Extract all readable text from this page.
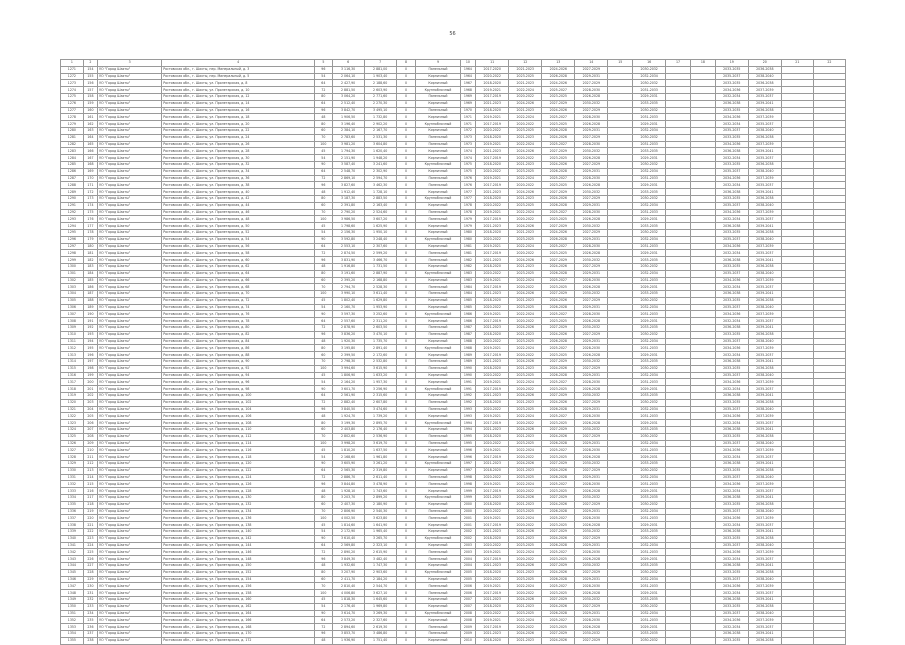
56
1	2	3	4	5	6	7	8	9	10	11	12	13	14	15	16	17	18	19	20	21	22
1271	154	УО "Город Шахты"	Ростовская обл., г. Шахты, пер. Минеральный, д. 3	96	3 116,30	2 881,00	0	Панельный	1964	2017-2020	2021-2023	2024-2026	2027-2029		2030-2032			2033-2035	2036-2038		
1272	155	УО "Город Шахты"	Ростовская обл., г. Шахты, пер. Минеральный, д. 5	54	2 064,10	1 903,40	0	Кирпичный	1964	2020-2022	2023-2025	2026-2028	2029-2031		2032-2034			2035-2037	2038-2040		
1273	156	УО "Город Шахты"	Ростовская обл., г. Шахты, ул. Пролетарская, д. 8	64	2 427,90	2 188,60	0	Кирпичный	1967	2018-2020	2021-2023	2024-2026	2027-2029		2030-2032			2033-2035	2036-2038		
1274	157	УО "Город Шахты"	Ростовская обл., г. Шахты, ул. Пролетарская, д. 10	72	2 881,50	2 603,90	0	Крупноблочный	1968	2019-2021	2022-2024	2025-2027	2028-2030		2031-2033			2034-2036	2037-2039		
1275	158	УО "Город Шахты"	Ростовская обл., г. Шахты, ул. Пролетарская, д. 12	80	3 064,20	2 771,60	0	Панельный	1969	2017-2019	2020-2022	2023-2025	2026-2028		2029-2031			2032-2034	2035-2037		
1276	159	УО "Город Шахты"	Ростовская обл., г. Шахты, ул. Пролетарская, д. 14	64	2 512,40	2 270,30	0	Кирпичный	1969	2021-2023	2024-2026	2027-2029	2030-2032		2033-2035			2036-2038	2039-2041		
1277	160	УО "Город Шахты"	Ростовская обл., г. Шахты, ул. Пролетарская, д. 16	96	3 842,70	3 495,10	0	Панельный	1970	2018-2020	2021-2023	2024-2026	2027-2029		2030-2032			2033-2035	2036-2038		
1278	161	УО "Город Шахты"	Ростовская обл., г. Шахты, ул. Пролетарская, д. 18	48	1 906,50	1 732,80	0	Кирпичный	1971	2019-2021	2022-2024	2025-2027	2028-2030		2031-2033			2034-2036	2037-2039		
1279	162	УО "Город Шахты"	Ростовская обл., г. Шахты, ул. Пролетарская, д. 20	80	3 196,40	2 902,20	0	Крупноблочный	1971	2017-2019	2020-2022	2023-2025	2026-2028		2029-2031			2032-2034	2035-2037		
1280	163	УО "Город Шахты"	Ростовская обл., г. Шахты, ул. Пролетарская, д. 22	60	2 384,10	2 167,70	0	Кирпичный	1972	2020-2022	2023-2025	2026-2028	2029-2031		2032-2034			2035-2037	2038-2040		
1281	164	УО "Город Шахты"	Ростовская обл., г. Шахты, ул. Пролетарская, д. 24	70	2 783,60	2 531,30	0	Панельный	1973	2018-2020	2021-2023	2024-2026	2027-2029		2030-2032			2033-2035	2036-2038		
1282	165	УО "Город Шахты"	Ростовская обл., г. Шахты, ул. Пролетарская, д. 26	100	3 981,20	3 604,80	0	Панельный	1973	2019-2021	2022-2024	2025-2027	2028-2030		2031-2033			2034-2036	2037-2039		
1283	166	УО "Город Шахты"	Ростовская обл., г. Шахты, ул. Пролетарская, д. 28	45	1 794,30	1 620,40	0	Кирпичный	1974	2021-2023	2024-2026	2027-2029	2030-2032		2033-2035			2036-2038	2039-2041		
1284	167	УО "Город Шахты"	Ростовская обл., г. Шахты, ул. Пролетарская, д. 30	54	2 151,90	1 948,20	0	Кирпичный	1974	2017-2019	2020-2022	2023-2025	2026-2028		2029-2031			2032-2034	2035-2037		
1285	168	УО "Город Шахты"	Ростовская обл., г. Шахты, ул. Пролетарская, д. 32	90	3 587,40	3 241,60	0	Крупноблочный	1975	2018-2020	2021-2023	2024-2026	2027-2029		2030-2032			2033-2035	2036-2038		
1286	169	УО "Город Шахты"	Ростовская обл., г. Шахты, ул. Пролетарская, д. 34	64	2 548,70	2 302,90	0	Кирпичный	1975	2020-2022	2023-2025	2026-2028	2029-2031		2032-2034			2035-2037	2038-2040		
1287	170	УО "Город Шахты"	Ростовская обл., г. Шахты, ул. Пролетарская, д. 36	72	2 869,10	2 594,70	0	Панельный	1976	2019-2021	2022-2024	2025-2027	2028-2030		2031-2033			2034-2036	2037-2039		
1288	171	УО "Город Шахты"	Ростовская обл., г. Шахты, ул. Пролетарская, д. 38	96	3 827,60	3 462,30	0	Панельный	1976	2017-2019	2020-2022	2023-2025	2026-2028		2029-2031			2032-2034	2035-2037		
1289	172	УО "Город Шахты"	Ростовская обл., г. Шахты, ул. Пролетарская, д. 40	48	1 912,40	1 728,10	0	Кирпичный	1977	2021-2023	2024-2026	2027-2029	2030-2032		2033-2035			2036-2038	2039-2041		
1290	173	УО "Город Шахты"	Ростовская обл., г. Шахты, ул. Пролетарская, д. 42	80	3 187,30	2 883,50	0	Крупноблочный	1977	2018-2020	2021-2023	2024-2026	2027-2029		2030-2032			2033-2035	2036-2038		
1291	174	УО "Город Шахты"	Ростовская обл., г. Шахты, ул. Пролетарская, д. 44	60	2 391,80	2 163,40	0	Кирпичный	1978	2020-2022	2023-2025	2026-2028	2029-2031		2032-2034			2035-2037	2038-2040		
1292	175	УО "Город Шахты"	Ростовская обл., г. Шахты, ул. Пролетарская, д. 46	70	2 790,20	2 524,60	0	Панельный	1978	2019-2021	2022-2024	2025-2027	2028-2030		2031-2033			2034-2036	2037-2039		
1293	176	УО "Город Шахты"	Ростовская обл., г. Шахты, ул. Пролетарская, д. 48	100	3 986,50	3 607,20	0	Панельный	1979	2017-2019	2020-2022	2023-2025	2026-2028		2029-2031			2032-2034	2035-2037		
1294	177	УО "Город Шахты"	Ростовская обл., г. Шахты, ул. Пролетарская, д. 50	45	1 798,60	1 625,90	0	Кирпичный	1979	2021-2023	2024-2026	2027-2029	2030-2032		2033-2035			2036-2038	2039-2041		
1295	178	УО "Город Шахты"	Ростовская обл., г. Шахты, ул. Пролетарская, д. 52	54	2 156,30	1 950,10	0	Кирпичный	1980	2018-2020	2021-2023	2024-2026	2027-2029		2030-2032			2033-2035	2036-2038		
1296	179	УО "Город Шахты"	Ростовская обл., г. Шахты, ул. Пролетарская, д. 54	90	3 592,80	3 248,40	0	Крупноблочный	1980	2020-2022	2023-2025	2026-2028	2029-2031		2032-2034			2035-2037	2038-2040		
1297	180	УО "Город Шахты"	Ростовская обл., г. Шахты, ул. Пролетарская, д. 56	64	2 553,10	2 307,60	0	Кирпичный	1981	2019-2021	2022-2024	2025-2027	2028-2030		2031-2033			2034-2036	2037-2039		
1298	181	УО "Город Шахты"	Ростовская обл., г. Шахты, ул. Пролетарская, д. 58	72	2 874,50	2 599,20	0	Панельный	1981	2017-2019	2020-2022	2023-2025	2026-2028		2029-2031			2032-2034	2035-2037		
1299	182	УО "Город Шахты"	Ростовская обл., г. Шахты, ул. Пролетарская, д. 60	96	3 831,90	3 466,70	0	Панельный	1982	2021-2023	2024-2026	2027-2029	2030-2032		2033-2035			2036-2038	2039-2041		
1300	183	УО "Город Шахты"	Ростовская обл., г. Шахты, ул. Пролетарская, д. 62	48	1 916,80	1 731,50	0	Кирпичный	1982	2018-2020	2021-2023	2024-2026	2027-2029		2030-2032			2033-2035	2036-2038		
1301	184	УО "Город Шахты"	Ростовская обл., г. Шахты, ул. Пролетарская, д. 64	80	3 191,60	2 887,90	0	Крупноблочный	1983	2020-2022	2023-2025	2026-2028	2029-2031		2032-2034			2035-2037	2038-2040		
1302	185	УО "Город Шахты"	Ростовская обл., г. Шахты, ул. Пролетарская, д. 66	60	2 395,20	2 168,80	0	Кирпичный	1983	2019-2021	2022-2024	2025-2027	2028-2030		2031-2033			2034-2036	2037-2039		
1303	186	УО "Город Шахты"	Ростовская обл., г. Шахты, ул. Пролетарская, д. 68	70	2 794,70	2 528,30	0	Панельный	1984	2017-2019	2020-2022	2023-2025	2026-2028		2029-2031			2032-2034	2035-2037		
1304	187	УО "Город Шахты"	Ростовская обл., г. Шахты, ул. Пролетарская, д. 70	100	3 990,10	3 611,40	0	Панельный	1984	2021-2023	2024-2026	2027-2029	2030-2032		2033-2035			2036-2038	2039-2041		
1305	188	УО "Город Шахты"	Ростовская обл., г. Шахты, ул. Пролетарская, д. 72	45	1 802,40	1 629,80	0	Кирпичный	1985	2018-2020	2021-2023	2024-2026	2027-2029		2030-2032			2033-2035	2036-2038		
1306	189	УО "Город Шахты"	Ростовская обл., г. Шахты, ул. Пролетарская, д. 74	54	2 160,70	1 953,90	0	Кирпичный	1985	2020-2022	2023-2025	2026-2028	2029-2031		2032-2034			2035-2037	2038-2040		
1307	190	УО "Город Шахты"	Ростовская обл., г. Шахты, ул. Пролетарская, д. 76	90	3 597,30	3 252,60	0	Крупноблочный	1986	2019-2021	2022-2024	2025-2027	2028-2030		2031-2033			2034-2036	2037-2039		
1308	191	УО "Город Шахты"	Ростовская обл., г. Шахты, ул. Пролетарская, д. 78	64	2 557,60	2 311,20	0	Кирпичный	1986	2017-2019	2020-2022	2023-2025	2026-2028		2029-2031			2032-2034	2035-2037		
1309	192	УО "Город Шахты"	Ростовская обл., г. Шахты, ул. Пролетарская, д. 80	72	2 878,90	2 603,50	0	Панельный	1987	2021-2023	2024-2026	2027-2029	2030-2032		2033-2035			2036-2038	2039-2041		
1310	193	УО "Город Шахты"	Ростовская обл., г. Шахты, ул. Пролетарская, д. 82	96	3 836,20	3 470,10	0	Панельный	1987	2018-2020	2021-2023	2024-2026	2027-2029		2030-2032			2033-2035	2036-2038		
1311	194	УО "Город Шахты"	Ростовская обл., г. Шахты, ул. Пролетарская, д. 84	48	1 920,30	1 735,70	0	Кирпичный	1988	2020-2022	2023-2025	2026-2028	2029-2031		2032-2034			2035-2037	2038-2040		
1312	195	УО "Город Шахты"	Ростовская обл., г. Шахты, ул. Пролетарская, д. 86	80	3 195,80	2 891,40	0	Крупноблочный	1988	2019-2021	2022-2024	2025-2027	2028-2030		2031-2033			2034-2036	2037-2039		
1313	196	УО "Город Шахты"	Ростовская обл., г. Шахты, ул. Пролетарская, д. 88	60	2 399,50	2 172,60	0	Кирпичный	1989	2017-2019	2020-2022	2023-2025	2026-2028		2029-2031			2032-2034	2035-2037		
1314	197	УО "Город Шахты"	Ростовская обл., г. Шахты, ул. Пролетарская, д. 90	70	2 798,30	2 532,80	0	Панельный	1989	2021-2023	2024-2026	2027-2029	2030-2032		2033-2035			2036-2038	2039-2041		
1315	198	УО "Город Шахты"	Ростовская обл., г. Шахты, ул. Пролетарская, д. 92	100	3 994,60	3 615,90	0	Панельный	1990	2018-2020	2021-2023	2024-2026	2027-2029		2030-2032			2033-2035	2036-2038		
1316	199	УО "Город Шахты"	Ростовская обл., г. Шахты, ул. Пролетарская, д. 94	45	1 806,90	1 633,20	0	Кирпичный	1990	2020-2022	2023-2025	2026-2028	2029-2031		2032-2034			2035-2037	2038-2040		
1317	200	УО "Город Шахты"	Ростовская обл., г. Шахты, ул. Пролетарская, д. 96	54	2 164,20	1 957,30	0	Кирпичный	1991	2019-2021	2022-2024	2025-2027	2028-2030		2031-2033			2034-2036	2037-2039		
1318	201	УО "Город Шахты"	Ростовская обл., г. Шахты, ул. Пролетарская, д. 98	90	3 601,70	3 256,90	0	Крупноблочный	1991	2017-2019	2020-2022	2023-2025	2026-2028		2029-2031			2032-2034	2035-2037		
1319	202	УО "Город Шахты"	Ростовская обл., г. Шахты, ул. Пролетарская, д. 100	64	2 561,90	2 315,60	0	Кирпичный	1992	2021-2023	2024-2026	2027-2029	2030-2032		2033-2035			2036-2038	2039-2041		
1320	203	УО "Город Шахты"	Ростовская обл., г. Шахты, ул. Пролетарская, д. 102	72	2 882,40	2 607,80	0	Панельный	1992	2018-2020	2021-2023	2024-2026	2027-2029		2030-2032			2033-2035	2036-2038		
1321	204	УО "Город Шахты"	Ростовская обл., г. Шахты, ул. Пролетарская, д. 104	96	3 840,50	3 474,60	0	Панельный	1993	2020-2022	2023-2025	2026-2028	2029-2031		2032-2034			2035-2037	2038-2040		
1322	205	УО "Город Шахты"	Ростовская обл., г. Шахты, ул. Пролетарская, д. 106	48	1 924,70	1 739,20	0	Кирпичный	1993	2019-2021	2022-2024	2025-2027	2028-2030		2031-2033			2034-2036	2037-2039		
1323	206	УО "Город Шахты"	Ростовская обл., г. Шахты, ул. Пролетарская, д. 108	80	3 199,30	2 895,70	0	Крупноблочный	1994	2017-2019	2020-2022	2023-2025	2026-2028		2029-2031			2032-2034	2035-2037		
1324	207	УО "Город Шахты"	Ростовская обл., г. Шахты, ул. Пролетарская, д. 110	60	2 403,80	2 176,40	0	Кирпичный	1994	2021-2023	2024-2026	2027-2029	2030-2032		2033-2035			2036-2038	2039-2041		
1325	208	УО "Город Шахты"	Ростовская обл., г. Шахты, ул. Пролетарская, д. 112	70	2 802,60	2 536,90	0	Панельный	1995	2018-2020	2021-2023	2024-2026	2027-2029		2030-2032			2033-2035	2036-2038		
1326	209	УО "Город Шахты"	Ростовская обл., г. Шахты, ул. Пролетарская, д. 114	100	3 998,20	3 619,70	0	Панельный	1995	2020-2022	2023-2025	2026-2028	2029-2031		2032-2034			2035-2037	2038-2040		
1327	210	УО "Город Шахты"	Ростовская обл., г. Шахты, ул. Пролетарская, д. 116	45	1 810,20	1 637,50	0	Кирпичный	1996	2019-2021	2022-2024	2025-2027	2028-2030		2031-2033			2034-2036	2037-2039		
1328	211	УО "Город Шахты"	Ростовская обл., г. Шахты, ул. Пролетарская, д. 118	54	2 168,60	1 961,80	0	Кирпичный	1996	2017-2019	2020-2022	2023-2025	2026-2028		2029-2031			2032-2034	2035-2037		
1329	212	УО "Город Шахты"	Ростовская обл., г. Шахты, ул. Пролетарская, д. 120	90	3 605,90	3 261,20	0	Крупноблочный	1997	2021-2023	2024-2026	2027-2029	2030-2032		2033-2035			2036-2038	2039-2041		
1330	213	УО "Город Шахты"	Ростовская обл., г. Шахты, ул. Пролетарская, д. 122	64	2 565,30	2 319,80	0	Кирпичный	1997	2018-2020	2021-2023	2024-2026	2027-2029		2030-2032			2033-2035	2036-2038		
1331	214	УО "Город Шахты"	Ростовская обл., г. Шахты, ул. Пролетарская, д. 124	72	2 886,70	2 611,40	0	Панельный	1998	2020-2022	2023-2025	2026-2028	2029-2031		2032-2034			2035-2037	2038-2040		
1332	215	УО "Город Шахты"	Ростовская обл., г. Шахты, ул. Пролетарская, д. 126	96	3 844,80	3 478,90	0	Панельный	1998	2019-2021	2022-2024	2025-2027	2028-2030		2031-2033			2034-2036	2037-2039		
1333	216	УО "Город Шахты"	Ростовская обл., г. Шахты, ул. Пролетарская, д. 128	48	1 928,10	1 743,60	0	Кирпичный	1999	2017-2019	2020-2022	2023-2025	2026-2028		2029-2031			2032-2034	2035-2037		
1334	217	УО "Город Шахты"	Ростовская обл., г. Шахты, ул. Пролетарская, д. 130	80	3 203,70	2 899,20	0	Крупноблочный	1999	2021-2023	2024-2026	2027-2029	2030-2032		2033-2035			2036-2038	2039-2041		
1335	218	УО "Город Шахты"	Ростовская обл., г. Шахты, ул. Пролетарская, д. 132	60	2 407,30	2 180,90	0	Кирпичный	2000	2018-2020	2021-2023	2024-2026	2027-2029		2030-2032			2033-2035	2036-2038		
1336	219	УО "Город Шахты"	Ростовская обл., г. Шахты, ул. Пролетарская, д. 134	70	2 806,90	2 540,30	0	Панельный	2000	2020-2022	2023-2025	2026-2028	2029-2031		2032-2034			2035-2037	2038-2040		
1337	220	УО "Город Шахты"	Ростовская обл., г. Шахты, ул. Пролетарская, д. 136	100	4 002,50	3 623,80	0	Панельный	2001	2019-2021	2022-2024	2025-2027	2028-2030		2031-2033			2034-2036	2037-2039		
1338	221	УО "Город Шахты"	Ростовская обл., г. Шахты, ул. Пролетарская, д. 138	45	1 814,60	1 641,90	0	Кирпичный	2001	2017-2019	2020-2022	2023-2025	2026-2028		2029-2031			2032-2034	2035-2037		
1339	222	УО "Город Шахты"	Ростовская обл., г. Шахты, ул. Пролетарская, д. 140	54	2 172,90	1 965,40	0	Кирпичный	2002	2021-2023	2024-2026	2027-2029	2030-2032		2033-2035			2036-2038	2039-2041		
1340	223	УО "Город Шахты"	Ростовская обл., г. Шахты, ул. Пролетарская, д. 142	90	3 610,40	3 265,70	0	Крупноблочный	2002	2018-2020	2021-2023	2024-2026	2027-2029		2030-2032			2033-2035	2036-2038		
1341	224	УО "Город Шахты"	Ростовская обл., г. Шахты, ул. Пролетарская, д. 144	64	2 569,80	2 323,10	0	Кирпичный	2003	2020-2022	2023-2025	2026-2028	2029-2031		2032-2034			2035-2037	2038-2040		
1342	225	УО "Город Шахты"	Ростовская обл., г. Шахты, ул. Пролетарская, д. 146	72	2 890,20	2 615,90	0	Панельный	2003	2019-2021	2022-2024	2025-2027	2028-2030		2031-2033			2034-2036	2037-2039		
1343	226	УО "Город Шахты"	Ростовская обл., г. Шахты, ул. Пролетарская, д. 148	96	3 849,30	3 482,40	0	Панельный	2004	2017-2019	2020-2022	2023-2025	2026-2028		2029-2031			2032-2034	2035-2037		
1344	227	УО "Город Шахты"	Ростовская обл., г. Шахты, ул. Пролетарская, д. 150	48	1 932,60	1 747,30	0	Кирпичный	2004	2021-2023	2024-2026	2027-2029	2030-2032		2033-2035			2036-2038	2039-2041		
1345	228	УО "Город Шахты"	Ростовская обл., г. Шахты, ул. Пролетарская, д. 152	80	3 207,90	2 903,60	0	Крупноблочный	2005	2018-2020	2021-2023	2024-2026	2027-2029		2030-2032			2033-2035	2036-2038		
1346	229	УО "Город Шахты"	Ростовская обл., г. Шахты, ул. Пролетарская, д. 154	60	2 411,70	2 184,20	0	Кирпичный	2005	2020-2022	2023-2025	2026-2028	2029-2031		2032-2034			2035-2037	2038-2040		
1347	230	УО "Город Шахты"	Ростовская обл., г. Шахты, ул. Пролетарская, д. 156	70	2 810,40	2 544,70	0	Панельный	2006	2019-2021	2022-2024	2025-2027	2028-2030		2031-2033			2034-2036	2037-2039		
1348	231	УО "Город Шахты"	Ростовская обл., г. Шахты, ул. Пролетарская, д. 158	100	4 006,80	3 627,10	0	Панельный	2006	2017-2019	2020-2022	2023-2025	2026-2028		2029-2031			2032-2034	2035-2037		
1349	232	УО "Город Шахты"	Ростовская обл., г. Шахты, ул. Пролетарская, д. 160	45	1 818,30	1 645,60	0	Кирпичный	2007	2021-2023	2024-2026	2027-2029	2030-2032		2033-2035			2036-2038	2039-2041		
1350	233	УО "Город Шахты"	Ростовская обл., г. Шахты, ул. Пролетарская, д. 162	54	2 176,40	1 969,80	0	Кирпичный	2007	2018-2020	2021-2023	2024-2026	2027-2029		2030-2032			2033-2035	2036-2038		
1351	234	УО "Город Шахты"	Ростовская обл., г. Шахты, ул. Пролетарская, д. 164	90	3 614,70	3 269,30	0	Крупноблочный	2008	2020-2022	2023-2025	2026-2028	2029-2031		2032-2034			2035-2037	2038-2040		
1352	235	УО "Город Шахты"	Ростовская обл., г. Шахты, ул. Пролетарская, д. 166	64	2 573,20	2 327,60	0	Кирпичный	2008	2019-2021	2022-2024	2025-2027	2028-2030		2031-2033			2034-2036	2037-2039		
1353	236	УО "Город Шахты"	Ростовская обл., г. Шахты, ул. Пролетарская, д. 168	72	2 894,60	2 619,30	0	Панельный	2009	2017-2019	2020-2022	2023-2025	2026-2028		2029-2031			2032-2034	2035-2037		
1354	237	УО "Город Шахты"	Ростовская обл., г. Шахты, ул. Пролетарская, д. 170	96	3 853,70	3 486,80	0	Панельный	2009	2021-2023	2024-2026	2027-2029	2030-2032		2033-2035			2036-2038	2039-2041		
1355	238	УО "Город Шахты"	Ростовская обл., г. Шахты, ул. Пролетарская, д. 172	48	1 936,90	1 751,40	0	Кирпичный	2010	2018-2020	2021-2023	2024-2026	2027-2029		2030-2032			2033-2035	2036-2038		
